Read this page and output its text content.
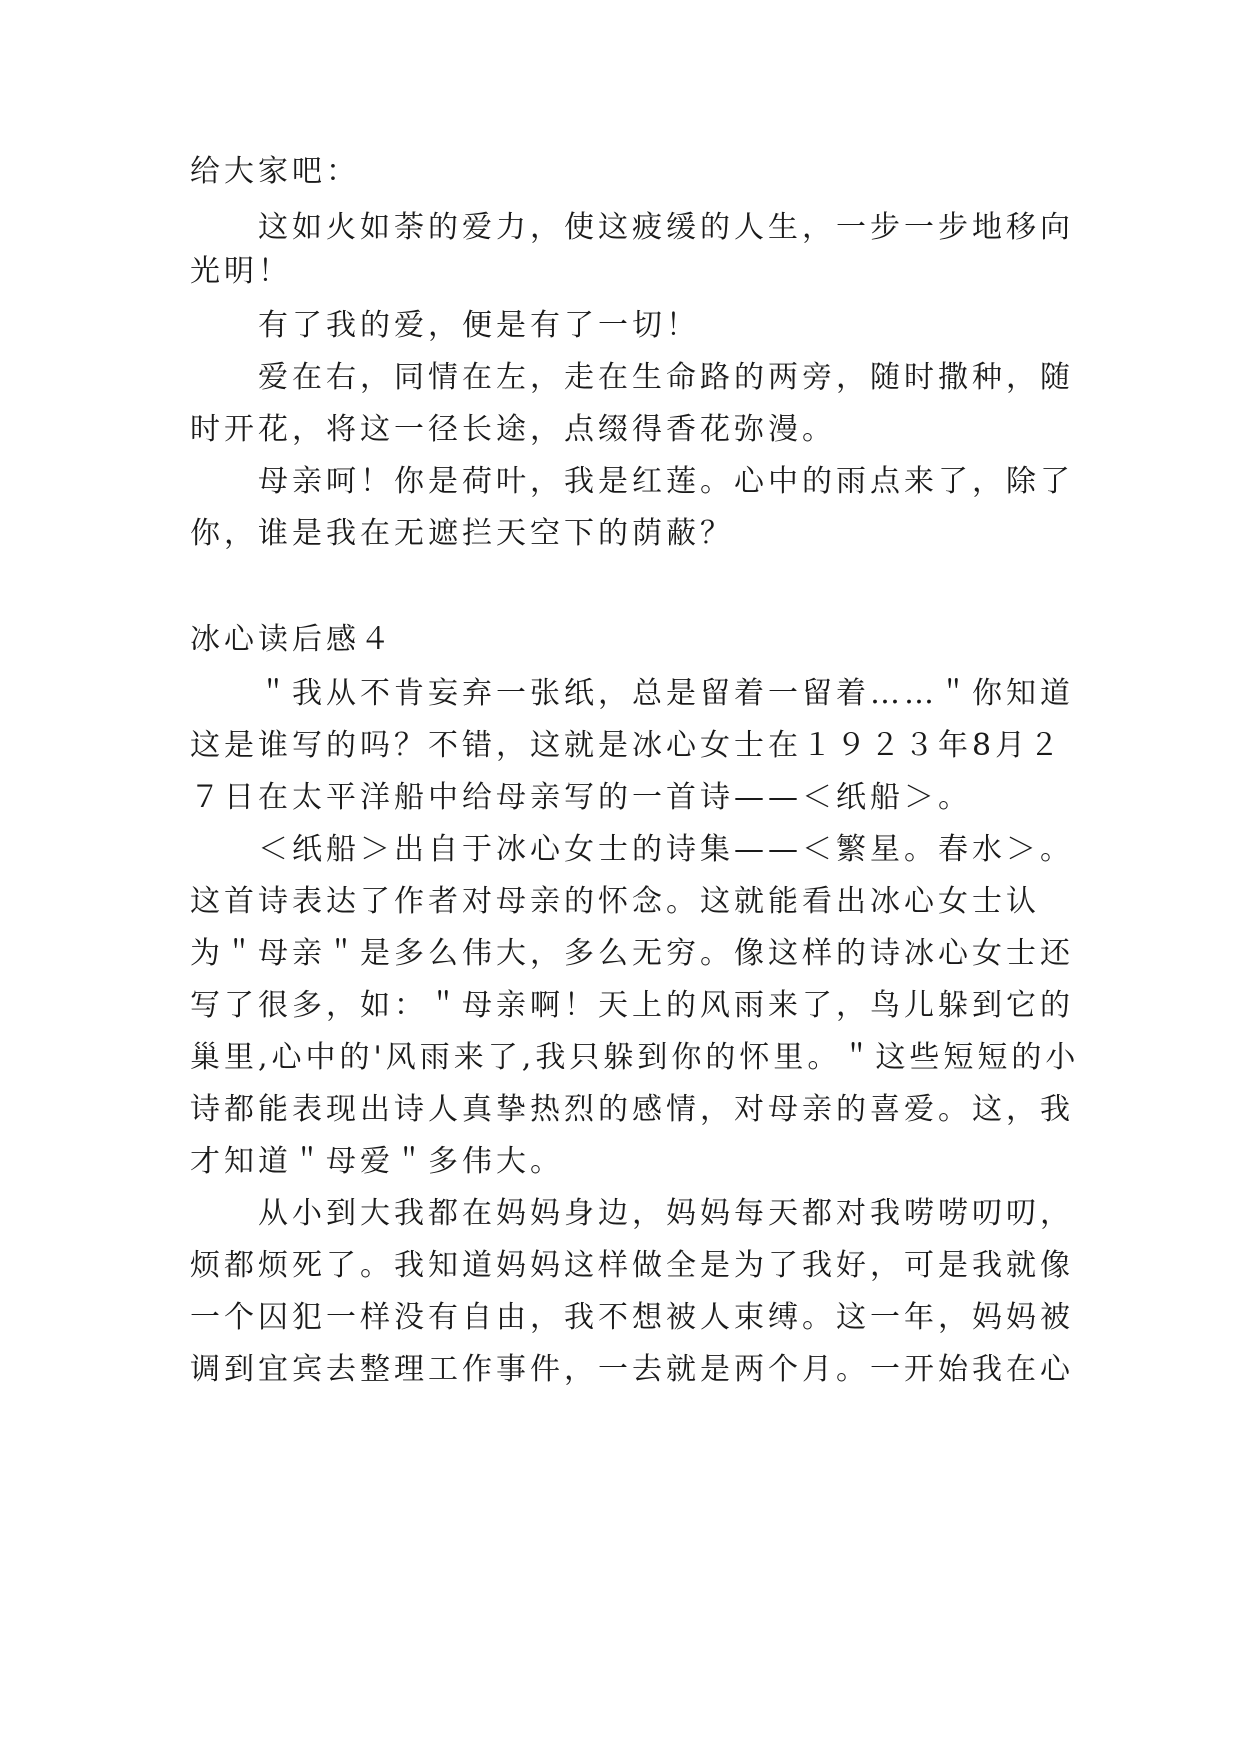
给大家吧：
这如火如荼的爱力，使这疲缓的人生，一步一步地移向
光明！
有了我的爱，便是有了一切！
爱在右，同情在左，走在生命路的两旁，随时撒种，随
时开花，将这一径长途，点缀得香花弥漫。
母亲呵！你是荷叶，我是红莲。心中的雨点来了，除了
你，谁是我在无遮拦天空下的荫蔽？
冰心读后感４
＂我从不肯妄弃一张纸，总是留着一留着……＂你知道
这是谁写的吗？不错，这就是冰心女士在１９２３年8月２
７日在太平洋船中给母亲写的一首诗——＜纸船＞。
＜纸船＞出自于冰心女士的诗集——＜繁星。春水＞。
这首诗表达了作者对母亲的怀念。这就能看出冰心女士认
为＂母亲＂是多么伟大，多么无穷。像这样的诗冰心女士还
写了很多，如：＂母亲啊！天上的风雨来了，鸟儿躲到它的
巢里,心中的'风雨来了,我只躲到你的怀里。＂这些短短的小
诗都能表现出诗人真挚热烈的感情，对母亲的喜爱。这，我
才知道＂母爱＂多伟大。
从小到大我都在妈妈身边，妈妈每天都对我唠唠叨叨，
烦都烦死了。我知道妈妈这样做全是为了我好，可是我就像
一个囚犯一样没有自由，我不想被人束缚。这一年，妈妈被
调到宜宾去整理工作事件，一去就是两个月。一开始我在心
